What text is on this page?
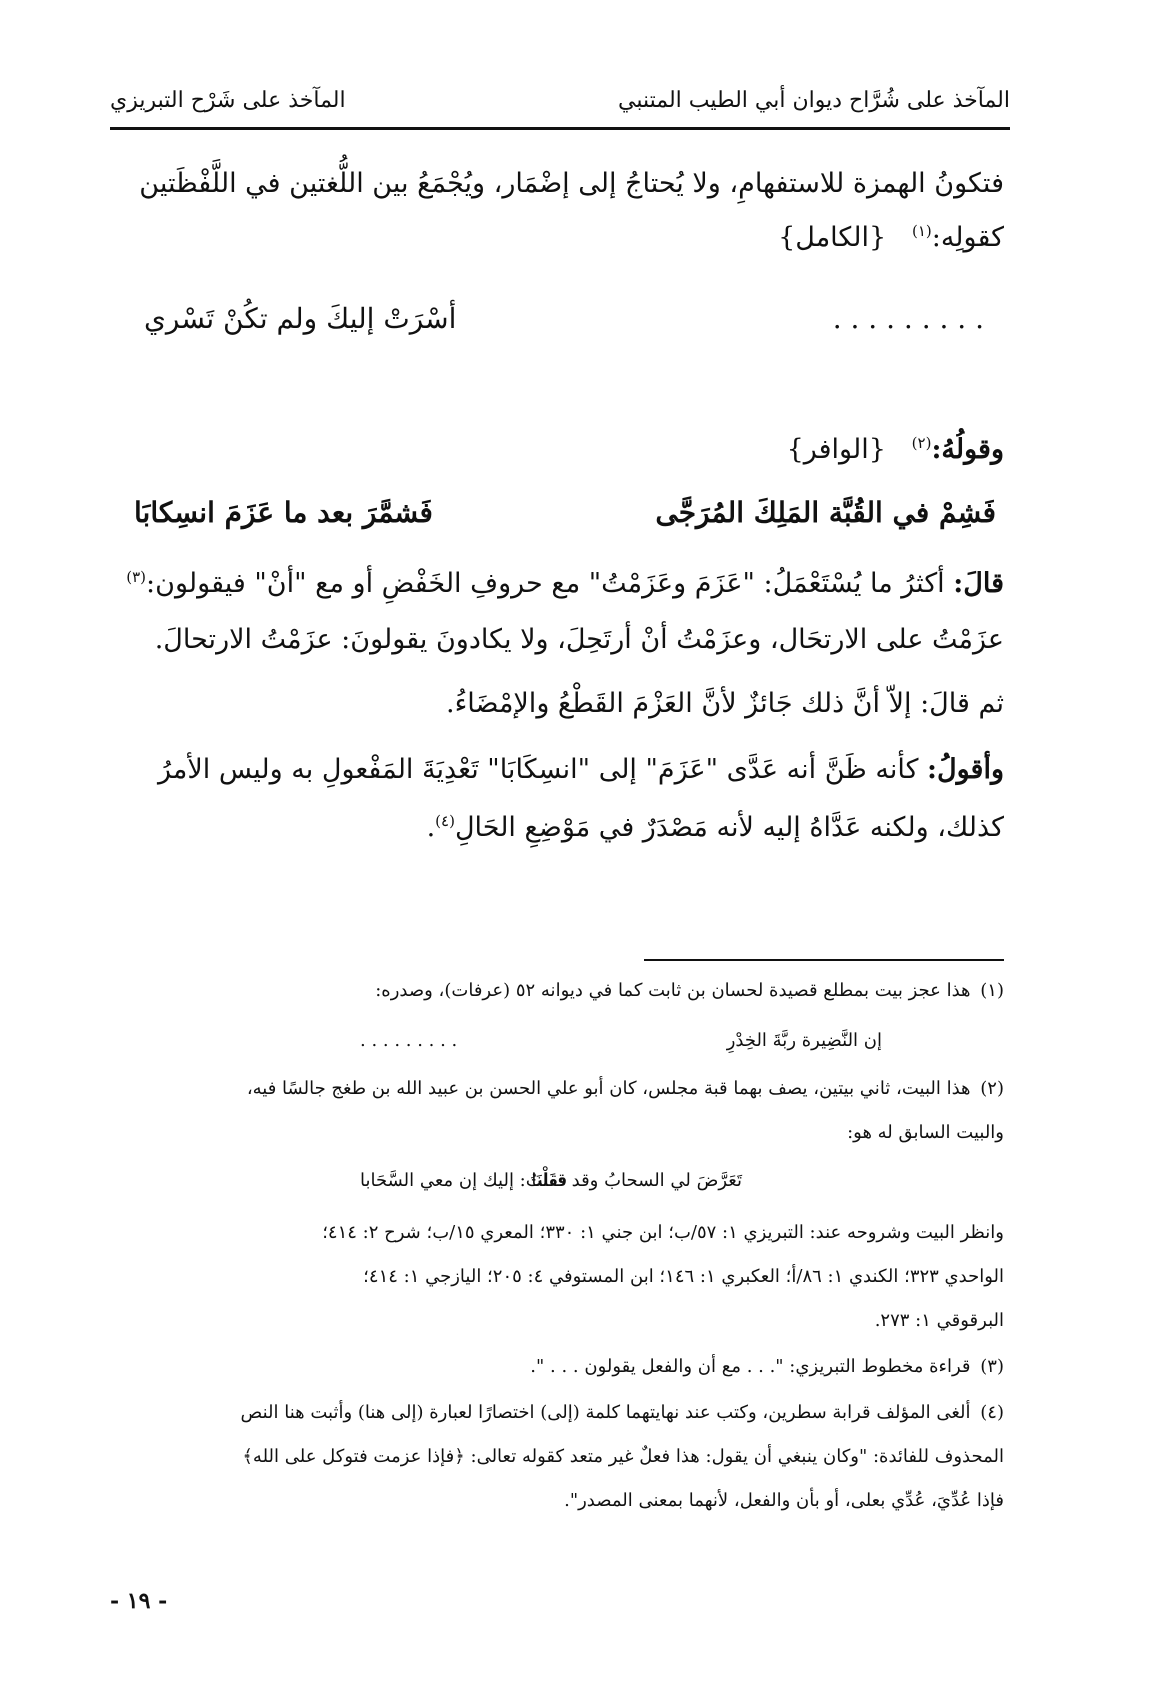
المآخذ على شُرَّاح ديوان أبي الطيب المتنبي
المآخذ على شَرْح التبريزي
فتكونُ الهمزة للاستفهامِ، ولا يُحتاجُ إلى إضْمَار، ويُجْمَعُ بين اللُّغتين في اللَّفْظَتين
كقولِه:$^{(١)}$   {الكامل}
. . . . . . . . .
أسْرَتْ إليكَ ولم تكُنْ تَسْري
وقولُهُ:$^{(٢)}$   {الوافر}
فَشِمْ في القُبَّة المَلِكَ المُرَجَّى
فَشمَّرَ بعد ما عَزَمَ انسِكابَا
قالَ: أكثرُ ما يُسْتَعْمَلُ: "عَزَمَ وعَزَمْتُ" مع حروفِ الخَفْضِ أو مع "أنْ" فيقولون:$^{(٣)}$
عزَمْتُ على الارتحَال، وعزَمْتُ أنْ أرتَحِلَ، ولا يكادونَ يقولونَ: عزَمْتُ الارتحالَ.
ثم قالَ: إلاّ أنَّ ذلك جَائزٌ لأنَّ العَزْمَ القَطْعُ والإمْضَاءُ.
وأقولُ: كأنه ظَنَّ أنه عَدَّى "عَزَمَ" إلى "انسِكَابَا" تَعْدِيَةَ المَفْعولِ به وليس الأمرُ
كذلك، ولكنه عَدَّاهُ إليه لأنه مَصْدَرٌ في مَوْضِعِ الحَالِ$^{(٤)}$.
(١) هذا عجز بيت بمطلع قصيدة لحسان بن ثابت كما في ديوانه ٥٢ (عرفات)، وصدره:
إن النَّضِيرة ربَّةَ الخِدْرِ
. . . . . . . . .
(٢) هذا البيت، ثاني بيتين، يصف بهما قبة مجلس، كان أبو علي الحسن بن عبيد الله بن طغج جالسًا فيه،
والبيت السابق له هو:
تَعَرَّضَ لي السحابُ وقد قفَلْنَا
فقلتُ: إليك إن معي السَّحَابا
وانظر البيت وشروحه عند: التبريزي ١: ٥٧/ب؛ ابن جني ١: ٣٣٠؛ المعري ١٥/ب؛ شرح ٢: ٤١٤؛
الواحدي ٣٢٣؛ الكندي ١: ٨٦/أ؛ العكبري ١: ١٤٦؛ ابن المستوفي ٤: ٢٠٥؛ اليازجي ١: ٤١٤؛
البرقوقي ١: ٢٧٣.
(٣) قراءة مخطوط التبريزي: ". . . مع أن والفعل يقولون . . . ".
(٤) ألغى المؤلف قرابة سطرين، وكتب عند نهايتهما كلمة (إلى) اختصارًا لعبارة (إلى هنا) وأثبت هنا النص
المحذوف للفائدة: "وكان ينبغي أن يقول: هذا فعلٌ غير متعد كقوله تعالى: ﴿فإذا عزمت فتوكل على الله﴾
فإذا عُدِّيَ، عُدِّي بعلى، أو بأن والفعل، لأنهما بمعنى المصدر".
- ١٩ -
